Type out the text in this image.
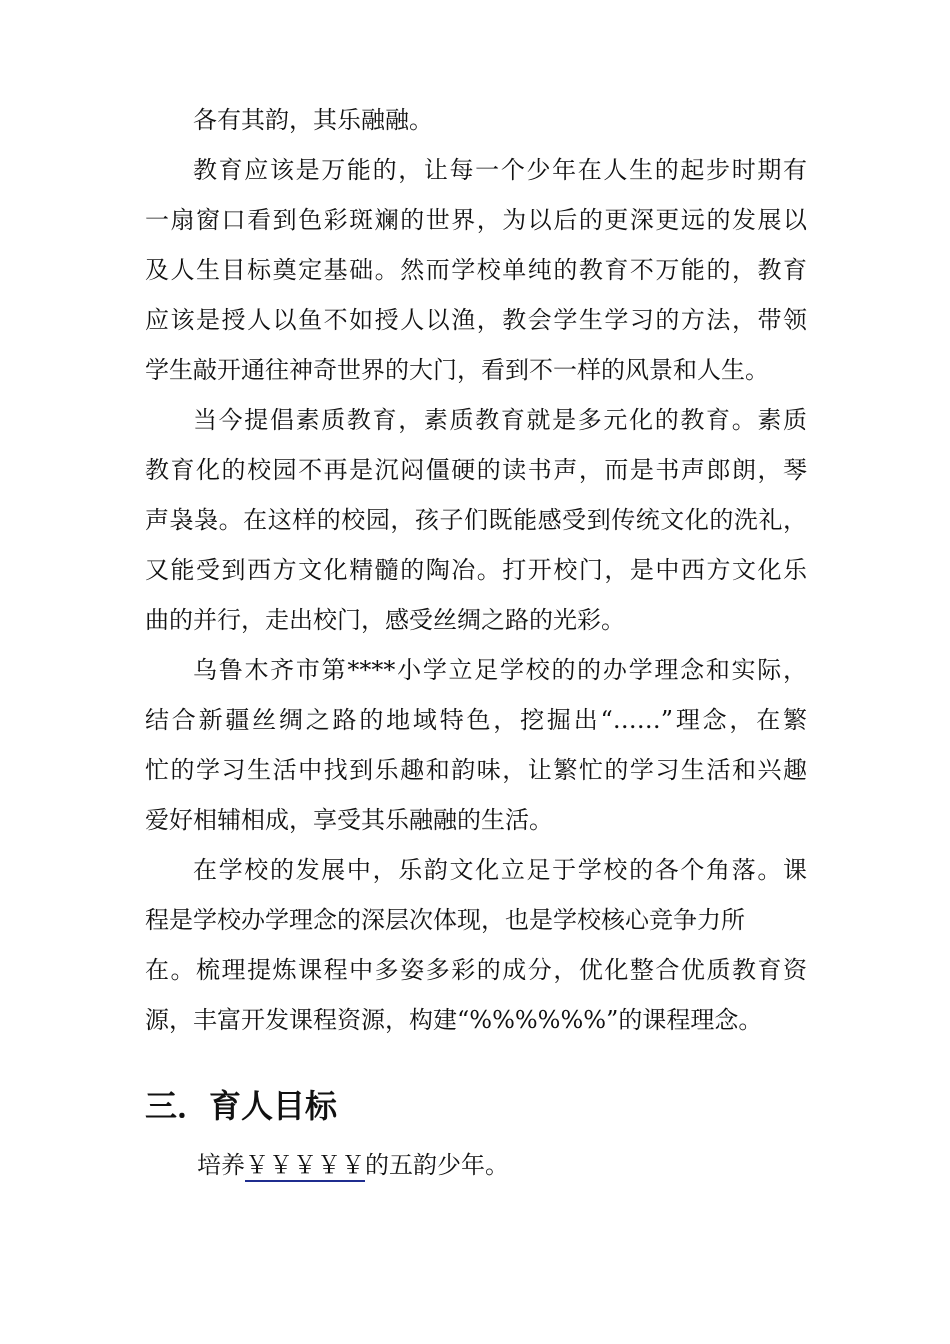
各有其韵，其乐融融。
教育应该是万能的，让每一个少年在人生的起步时期有
一扇窗口看到色彩斑斓的世界，为以后的更深更远的发展以
及人生目标奠定基础。然而学校单纯的教育不万能的，教育
应该是授人以鱼不如授人以渔，教会学生学习的方法，带领
学生敲开通往神奇世界的大门，看到不一样的风景和人生。
当今提倡素质教育，素质教育就是多元化的教育。素质
教育化的校园不再是沉闷僵硬的读书声，而是书声郎朗，琴
声袅袅。在这样的校园，孩子们既能感受到传统文化的洗礼，
又能受到西方文化精髓的陶冶。打开校门，是中西方文化乐
曲的并行，走出校门，感受丝绸之路的光彩。
乌鲁木齐市第****小学立足学校的的办学理念和实际，
结合新疆丝绸之路的地域特色，挖掘出“……”理念，在繁
忙的学习生活中找到乐趣和韵味，让繁忙的学习生活和兴趣
爱好相辅相成，享受其乐融融的生活。
在学校的发展中，乐韵文化立足于学校的各个角落。课
程是学校办学理念的深层次体现，也是学校核心竞争力所
在。梳理提炼课程中多姿多彩的成分，优化整合优质教育资
源，丰富开发课程资源，构建“%%%%%%”的课程理念。
三．育人目标
培养￥￥￥￥￥的五韵少年。
